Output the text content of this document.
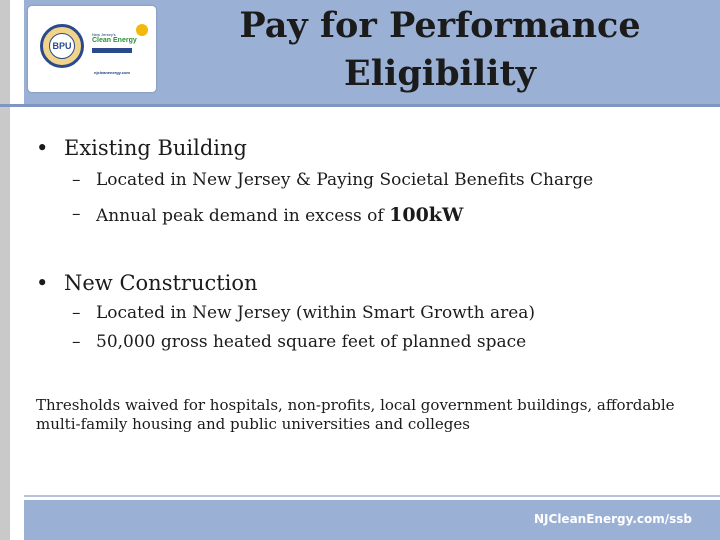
BPU
New Jersey's
Clean Energy
njcleanenergy.com
Pay for Performance
Eligibility
• Existing Building
– Located in New Jersey & Paying Societal Benefits Charge
– Annual peak demand in excess of 100kW
• New Construction
– Located in New Jersey (within Smart Growth area)
– 50,000 gross heated square feet of planned space
Thresholds waived for hospitals, non-profits, local government buildings, affordable multi-family housing and public universities and colleges
NJCleanEnergy.com/ssb
